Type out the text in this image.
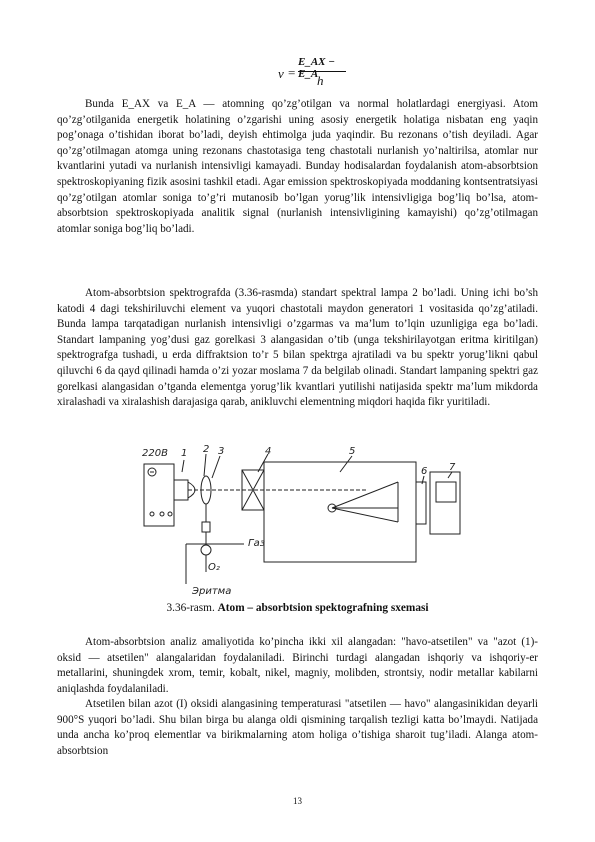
v =
E_AX − E_A
h

Bunda E_AX va E_A — atomning qo’zg’otilgan va normal holatlardagi energiyasi. Atom qo’zg’otilganida energetik holatining o’zgarishi uning asosiy energetik holatiga nisbatan eng yaqin pog’onaga o’tishidan iborat bo’ladi, deyish ehtimolga juda yaqindir. Bu rezonans o’tish deyiladi. Agar qo’zg’otilmagan atomga uning rezonans chastotasiga teng chastotali nurlanish yo’naltirilsa, atomlar nur kvantlarini yutadi va nurlanish intensivligi kamayadi. Bunday hodisalardan foydalanish atom-absorbtsion spektroskopiyaning fizik asosini tashkil etadi. Agar emission spektroskopiyada moddaning kontsentratsiyasi qo’zg’otilgan atomlar soniga to’g’ri mutanosib bo’lgan yorug’lik intensivligiga bog’liq bo’lsa, atom-absorbtsion spektroskopiyada analitik signal (nurlanish intensivligining kamayishi) qo’zg’otilmagan atomlar soniga bog’liq bo’ladi.

Atom-absorbtsion spektrografda (3.36-rasmda) standart spektral lampa 2 bo’ladi. Uning ichi bo’sh katodi 4 dagi tekshiriluvchi element va yuqori chastotali maydon generatori 1 vositasida qo’zg’atiladi. Bunda lampa tarqatadigan nurlanish intensivligi o’zgarmas va ma’lum to’lqin uzunligiga ega bo’ladi. Standart lampaning yog’dusi gaz gorelkasi 3 alangasidan o’tib (unga tekshirilayotgan eritma kiritilgan) spektrografga tushadi, u erda diffraktsion to’r 5 bilan spektrga ajratiladi va bu spektr yorug’likni qabul qiluvchi 6 da qayd qilinadi hamda o’zi yozar moslama 7 da belgilab olinadi. Standart lampaning spektri gaz gorelkasi alangasidan o’tganda elementga yorug’lik kvantlari yutilishi natijasida spektr ma’lum mikdorda xiralashadi va xiralashish darajasiga qarab, anikluvchi elementning miqdori haqida fikr yuritiladi.

220В 1 2 3	4	5
6 7
Газ
O₂
Эритма
3.36-rasm. Atom – absorbtsion spektografning sxemasi

Atom-absorbtsion analiz amaliyotida ko’pincha ikki xil alangadan: "havo-atsetilen" va "azot (1)-oksid — atsetilen" alangalaridan foydalaniladi. Birinchi turdagi alangadan ishqoriy va ishqoriy-er metallarini, shuningdek xrom, temir, kobalt, nikel, magniy, molibden, strontsiy, nodir metallar kabilarni aniqlashda foydalaniladi.

Atsetilen bilan azot (I) oksidi alangasining temperaturasi "atsetilen — havo" alangasinikidan deyarli 900°S yuqori bo’ladi. Shu bilan birga bu alanga oldi qismining tarqalish tezligi katta bo’lmaydi. Natijada unda ancha ko’proq elementlar va birikmalarning atom holiga o’tishiga sharoit tug’iladi. Alanga atom-absorbtsion

13
